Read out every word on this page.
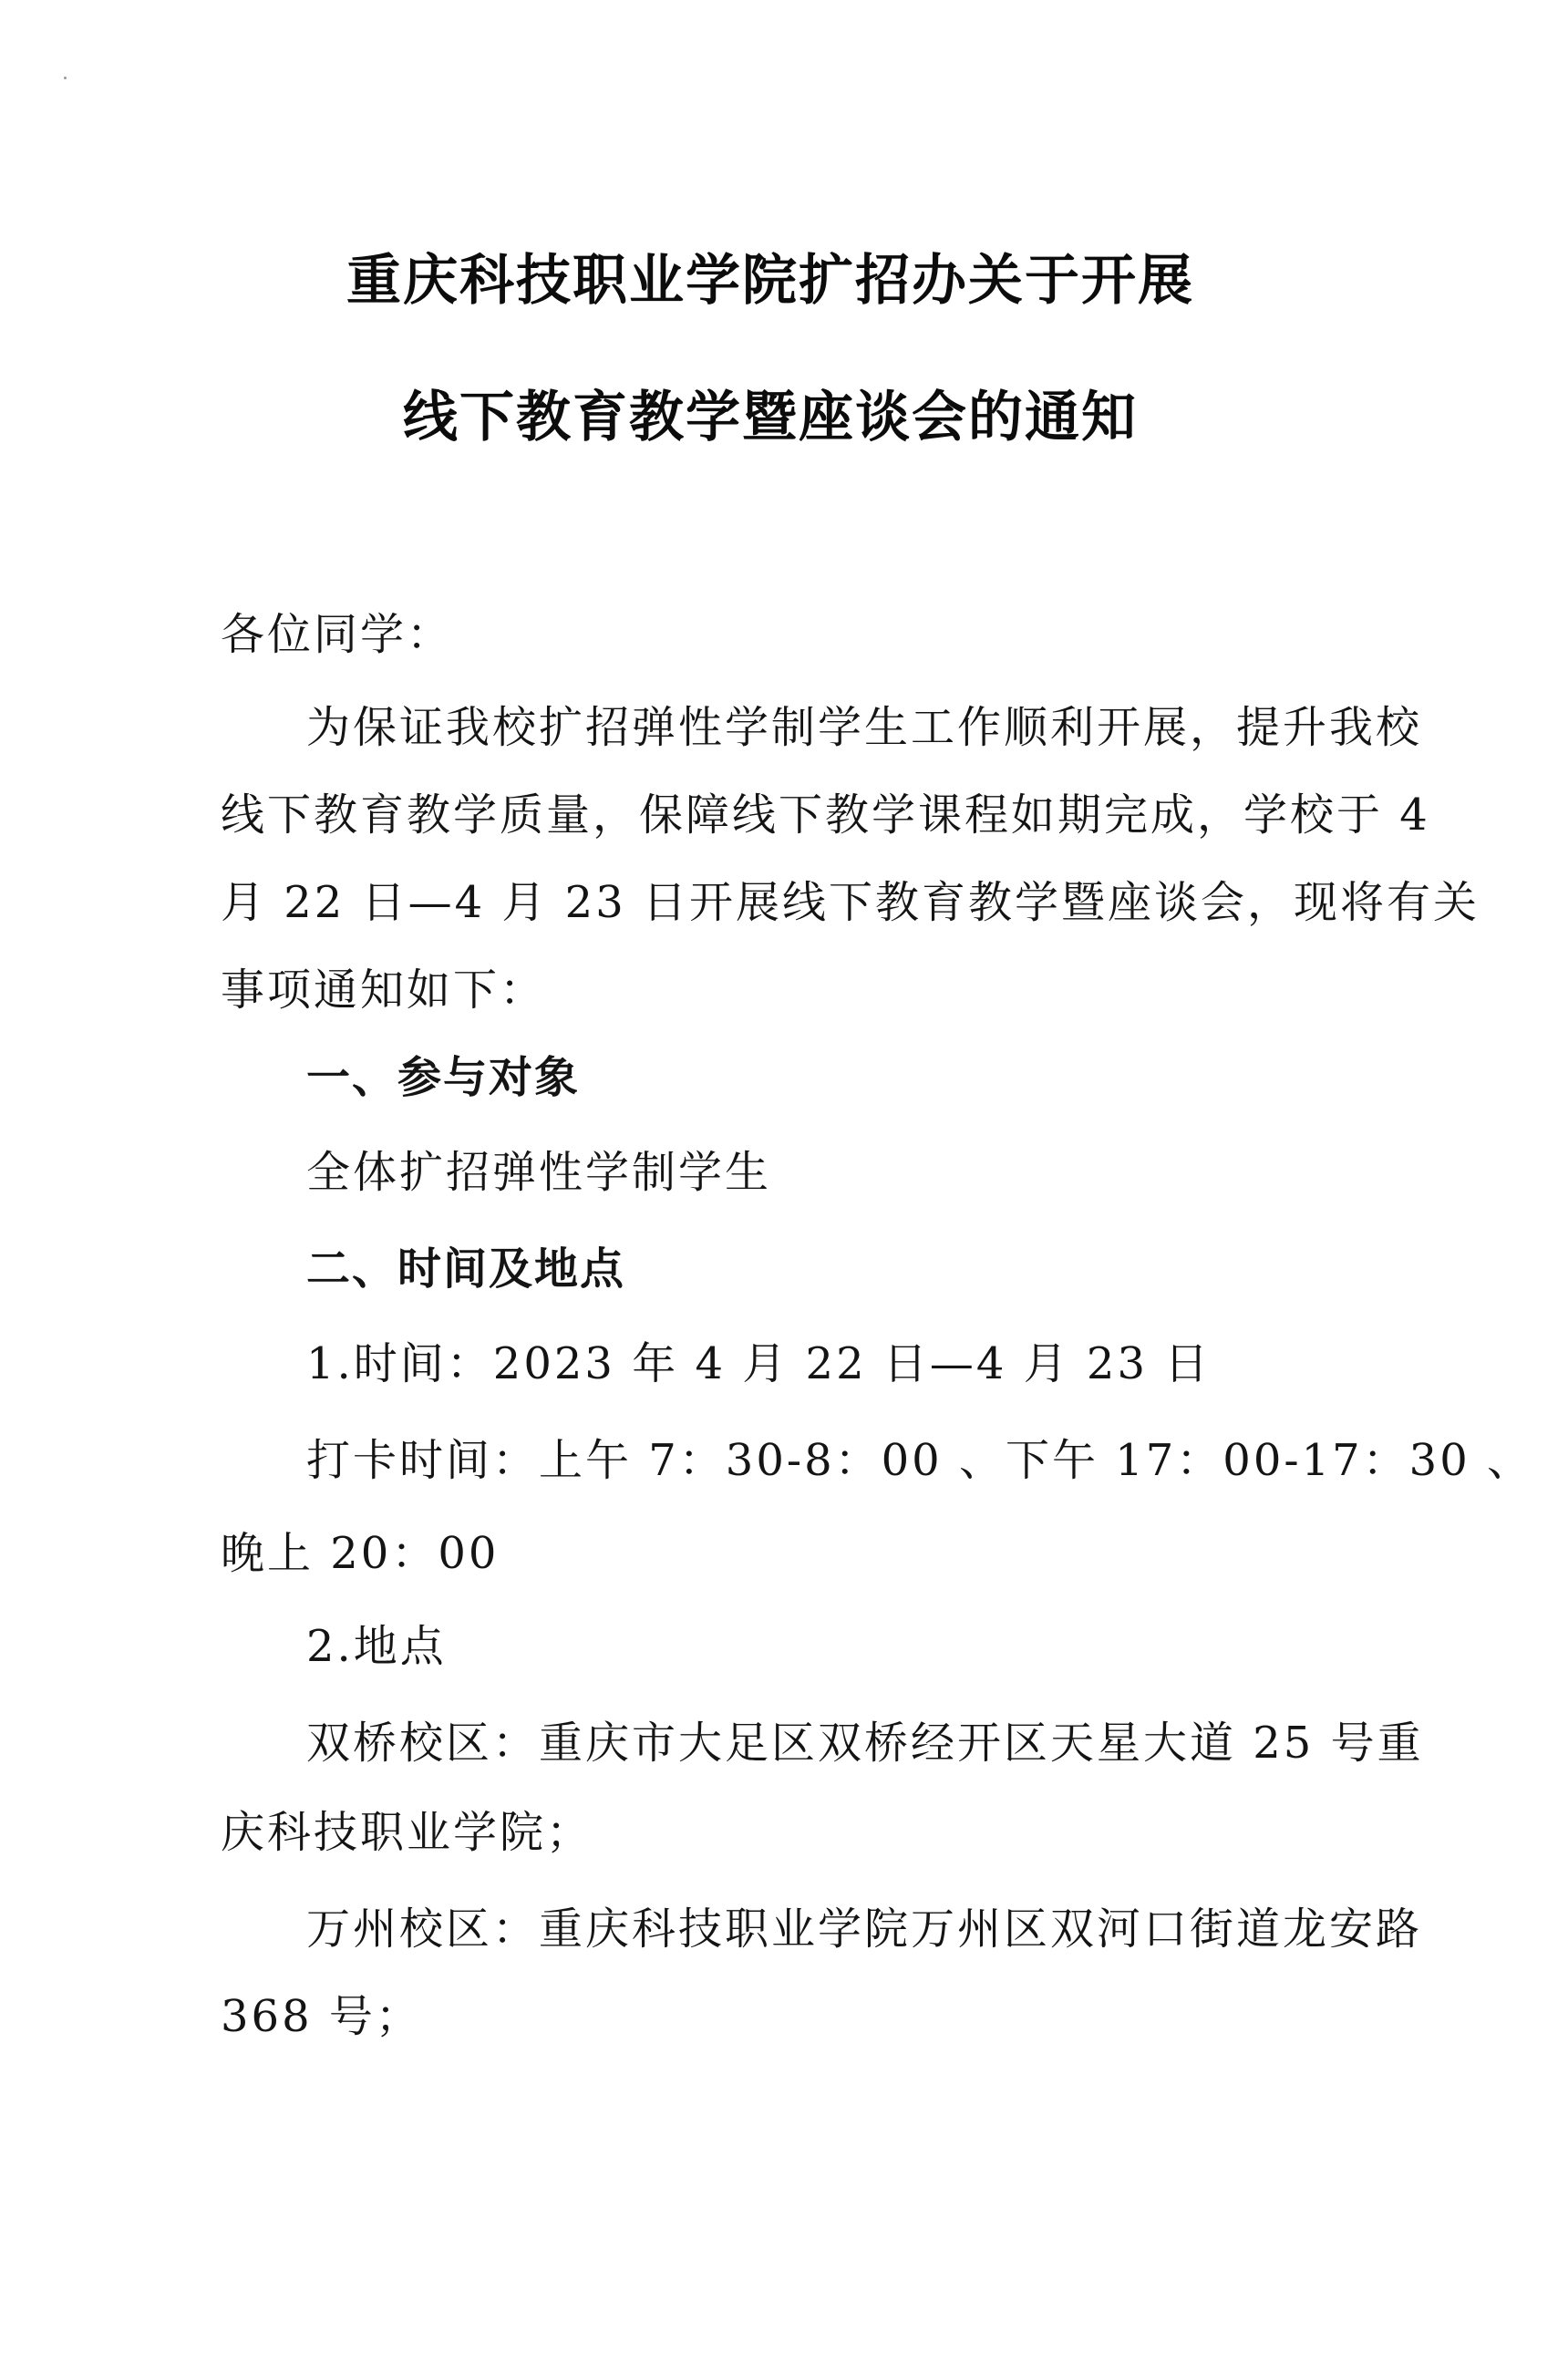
重庆科技职业学院扩招办关于开展
线下教育教学暨座谈会的通知
各位同学：
为保证我校扩招弹性学制学生工作顺利开展，提升我校
线下教育教学质量，保障线下教学课程如期完成，学校于 4
月 22 日—4 月 23 日开展线下教育教学暨座谈会，现将有关
事项通知如下：
一、参与对象
全体扩招弹性学制学生
二、时间及地点
1.时间：2023 年 4 月 22 日—4 月 23 日
打卡时间：上午 7：30-8：00 、下午 17：00-17：30 、
晚上 20：00
2.地点
双桥校区：重庆市大足区双桥经开区天星大道 25 号重
庆科技职业学院；
万州校区：重庆科技职业学院万州区双河口街道龙安路
368 号；
